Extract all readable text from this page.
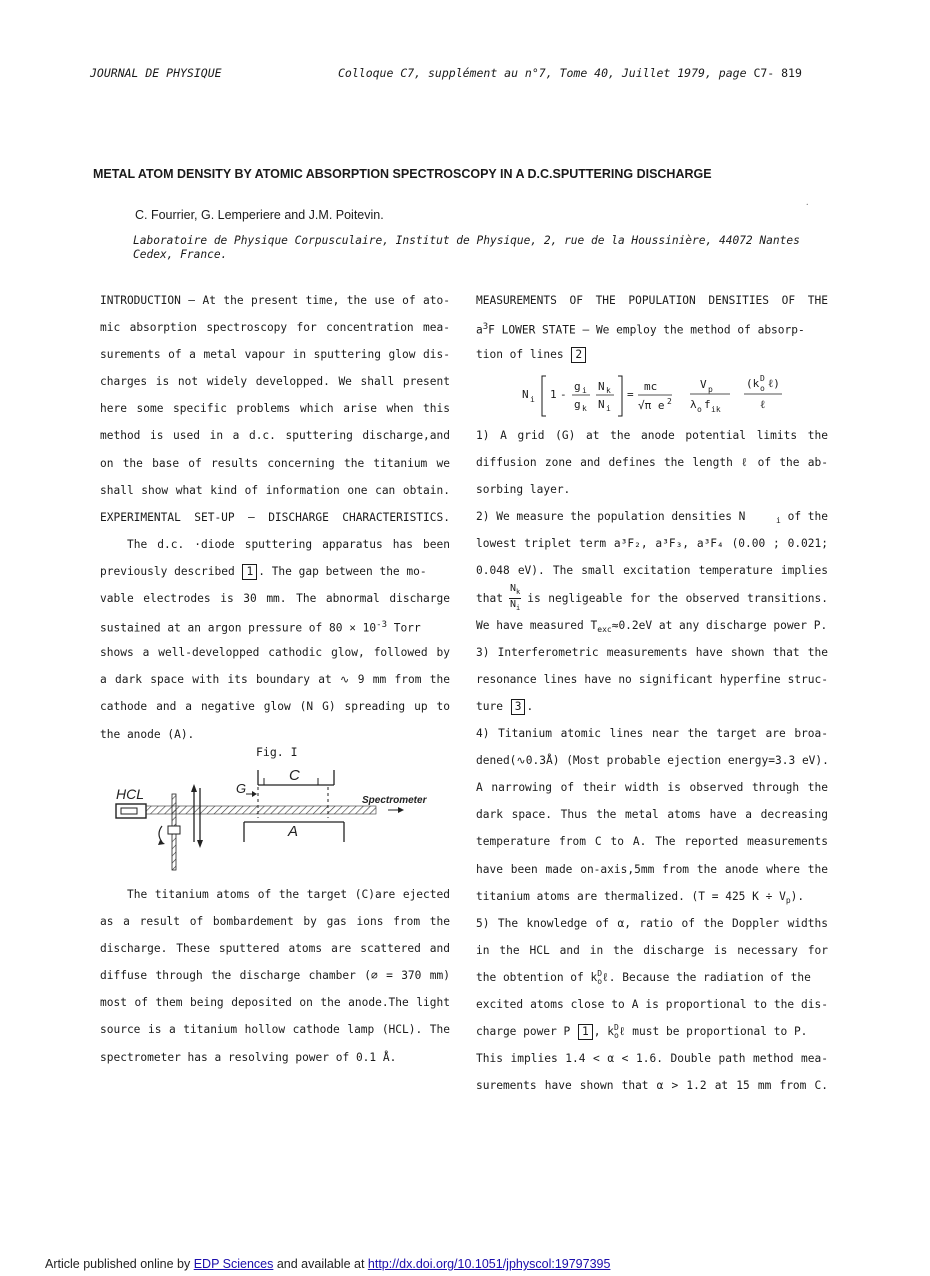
JOURNAL DE PHYSIQUE	Colloque C7, supplément au n°7, Tome 40, Juillet 1979, page C7- 819
METAL ATOM DENSITY BY ATOMIC ABSORPTION SPECTROSCOPY IN A D.C.SPUTTERING DISCHARGE
.
C. Fourrier, G. Lemperiere and J.M. Poitevin.
Laboratoire de Physique Corpusculaire, Institut de Physique, 2, rue de la Houssinière, 44072 Nantes
Cedex, France.
INTRODUCTION — At the present time, the use of ato-
mic absorption spectroscopy for concentration mea-
surements of a metal vapour in sputtering glow dis-
charges is not widely developped. We shall present
here some specific problems which arise when this
method is used in a d.c. sputtering discharge,and
on the base of results concerning the titanium we
shall show what kind of information one can obtain.
EXPERIMENTAL SET-UP — DISCHARGE CHARACTERISTICS.
The d.c. ·diode sputtering apparatus has been
previously described 1 . The gap between the mo-
vable electrodes is 30 mm. The abnormal discharge
sustained at an argon pressure of $80 \times 10^{-3}$ Torr
shows a well-developped cathodic glow, followed by
a dark space with its boundary at ∿ 9 mm from the
cathode and a negative glow (N G) spreading up to
the anode (A).
Fig. I
HCL
C
G
A
Spectrometer
The titanium atoms of the target (C)are ejected
as a result of bombardement by gas ions from the
discharge. These sputtered atoms are scattered and
diffuse through the discharge chamber (∅ = 370 mm)
most of them being deposited on the anode.The light
source is a titanium hollow cathode lamp (HCL). The
spectrometer has a resolving power of 0.1 Å.
MEASUREMENTS OF THE POPULATION DENSITIES OF THE
$a^3F$ LOWER STATE — We employ the method of absorp-
tion of lines 2
N i 1 -
g i
g k
N k
N i
=
mc
√π e 2
V p
λ o f ik
(k D
o ℓ)
ℓ
1) A grid (G) at the anode potential limits the
diffusion zone and defines the length ℓ of the ab-
sorbing layer.
2) We measure the population densities N	$_i$ of the
lowest triplet term a³F₂, a³F₃, a³F₄ (0.00 ; 0.021;
0.048 eV). The small excitation temperature implies
that
$N_k$
$N_i$
is negligeable for the observed transitions.
We have measured $T_{exc}\approx 0.2eV$ at any discharge power P.
3) Interferometric measurements have shown that the
resonance lines have no significant hyperfine struc-
ture 3 .
4) Titanium atomic lines near the target are broa-
dened(∿0.3Å) (Most probable ejection energy=3.3 eV).
A narrowing of their width is observed through the
dark space. Thus the metal atoms have a decreasing
temperature from C to A. The reported measurements
have been made on-axis,5mm from the anode where the
titanium atoms are thermalized. (T = 425 $K \div V_p$).
5) The knowledge of α, ratio of the Doppler widths
in the HCL and in the discharge is necessary for
the obtention of k D
o ℓ. Because the radiation of the
excited atoms close to A is proportional to the dis-
charge power P 1 , k D
o ℓ must be proportional to P.
This implies 1.4 < α < 1.6. Double path method mea-
surements have shown that α > 1.2 at 15 mm from C.
Article published online by EDP Sciences and available at http://dx.doi.org/10.1051/jphyscol:19797395
